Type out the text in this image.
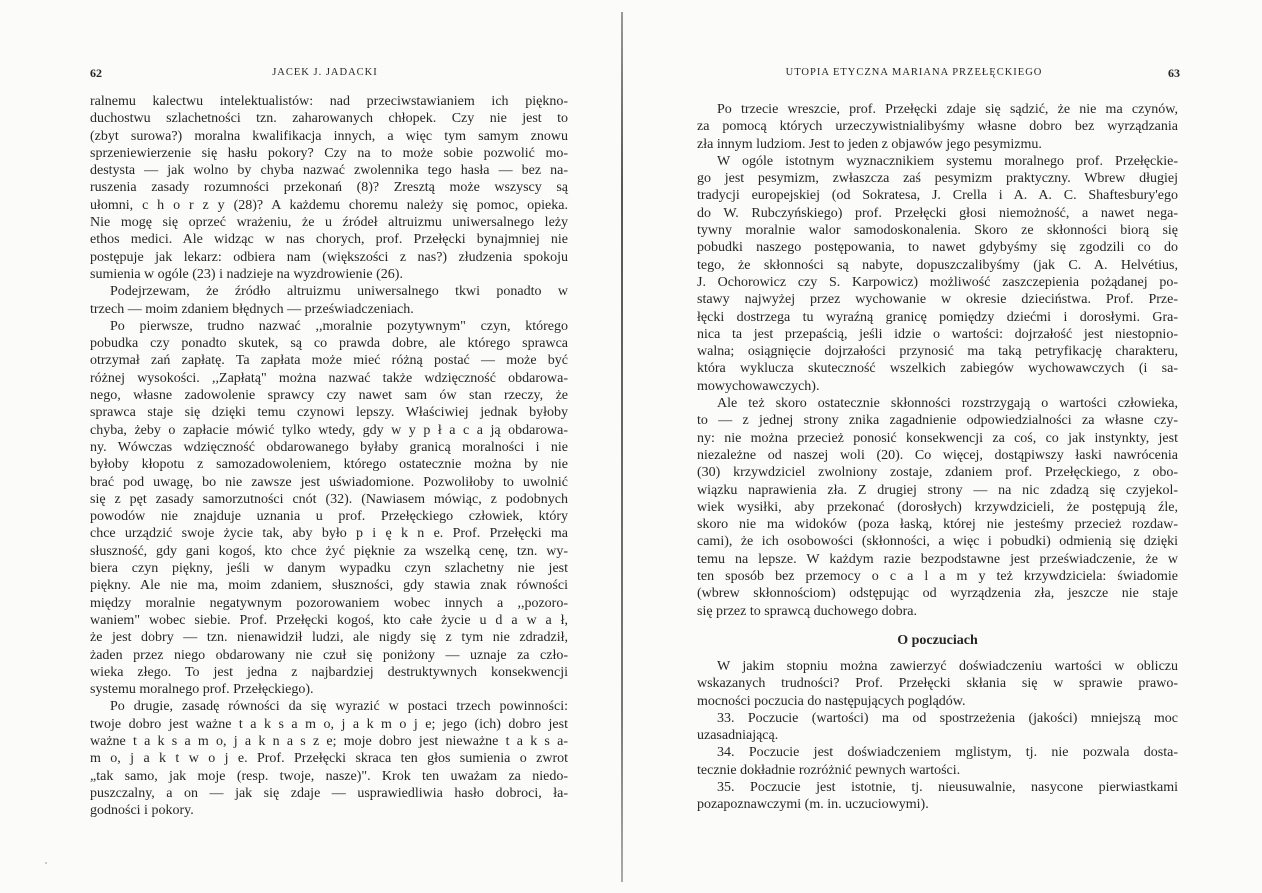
62	JACEK J. JADACKI
ralnemu kalectwu intelektualistów: nad przeciwstawianiem ich piękno-
duchostwu szlachetności tzn. zaharowanych chłopek. Czy nie jest to
(zbyt surowa?) moralna kwalifikacja innych, a więc tym samym znowu
sprzeniewierzenie się hasłu pokory? Czy na to może sobie pozwolić mo-
destysta — jak wolno by chyba nazwać zwolennika tego hasła — bez na-
ruszenia zasady rozumności przekonań (8)? Zresztą może wszyscy są
ułomni, c h o r z y (28)? A każdemu choremu należy się pomoc, opieka.
Nie mogę się oprzeć wrażeniu, że u źródeł altruizmu uniwersalnego leży
ethos medici. Ale widząc w nas chorych, prof. Przełęcki bynajmniej nie
postępuje jak lekarz: odbiera nam (większości z nas?) złudzenia spokoju
sumienia w ogóle (23) i nadzieje na wyzdrowienie (26).
Podejrzewam, że źródło altruizmu uniwersalnego tkwi ponadto w
trzech — moim zdaniem błędnych — przeświadczeniach.
Po pierwsze, trudno nazwać ,,moralnie pozytywnym" czyn, którego
pobudka czy ponadto skutek, są co prawda dobre, ale którego sprawca
otrzymał zań zapłatę. Ta zapłata może mieć różną postać — może być
różnej wysokości. ,,Zapłatą" można nazwać także wdzięczność obdarowa-
nego, własne zadowolenie sprawcy czy nawet sam ów stan rzeczy, że
sprawca staje się dzięki temu czynowi lepszy. Właściwiej jednak byłoby
chyba, żeby o zapłacie mówić tylko wtedy, gdy w y p ł a c a ją obdarowa-
ny. Wówczas wdzięczność obdarowanego byłaby granicą moralności i nie
byłoby kłopotu z samozadowoleniem, którego ostatecznie można by nie
brać pod uwagę, bo nie zawsze jest uświadomione. Pozwoliłoby to uwolnić
się z pęt zasady samorzutności cnót (32). (Nawiasem mówiąc, z podobnych
powodów nie znajduje uznania u prof. Przełęckiego człowiek, który
chce urządzić swoje życie tak, aby było p i ę k n e. Prof. Przełęcki ma
słuszność, gdy gani kogoś, kto chce żyć pięknie za wszelką cenę, tzn. wy-
biera czyn piękny, jeśli w danym wypadku czyn szlachetny nie jest
piękny. Ale nie ma, moim zdaniem, słuszności, gdy stawia znak równości
między moralnie negatywnym pozorowaniem wobec innych a ,,pozoro-
waniem" wobec siebie. Prof. Przełęcki kogoś, kto całe życie u d a w a ł,
że jest dobry — tzn. nienawidził ludzi, ale nigdy się z tym nie zdradził,
żaden przez niego obdarowany nie czuł się poniżony — uznaje za czło-
wieka złego. To jest jedna z najbardziej destruktywnych konsekwencji
systemu moralnego prof. Przełęckiego).
Po drugie, zasadę równości da się wyrazić w postaci trzech powinności:
twoje dobro jest ważne t a k s a m o, j a k m o j e; jego (ich) dobro jest
ważne t a k s a m o, j a k n a s z e; moje dobro jest nieważne t a k s a-
m o, j a k t w o j e. Prof. Przełęcki skraca ten głos sumienia o zwrot
„tak samo, jak moje (resp. twoje, nasze)". Krok ten uważam za niedo-
puszczalny, a on — jak się zdaje — usprawiedliwia hasło dobroci, ła-
godności i pokory.
UTOPIA ETYCZNA MARIANA PRZEŁĘCKIEGO	63
Po trzecie wreszcie, prof. Przełęcki zdaje się sądzić, że nie ma czynów,
za pomocą których urzeczywistnialibyśmy własne dobro bez wyrządzania
zła innym ludziom. Jest to jeden z objawów jego pesymizmu.
W ogóle istotnym wyznacznikiem systemu moralnego prof. Przełęckie-
go jest pesymizm, zwłaszcza zaś pesymizm praktyczny. Wbrew długiej
tradycji europejskiej (od Sokratesa, J. Crella i A. A. C. Shaftesbury'ego
do W. Rubczyńskiego) prof. Przełęcki głosi niemożność, a nawet nega-
tywny moralnie walor samodoskonalenia. Skoro ze skłonności biorą się
pobudki naszego postępowania, to nawet gdybyśmy się zgodzili co do
tego, że skłonności są nabyte, dopuszczalibyśmy (jak C. A. Helvétius,
J. Ochorowicz czy S. Karpowicz) możliwość zaszczepienia pożądanej po-
stawy najwyżej przez wychowanie w okresie dzieciństwa. Prof. Prze-
łęcki dostrzega tu wyraźną granicę pomiędzy dziećmi i dorosłymi. Gra-
nica ta jest przepaścią, jeśli idzie o wartości: dojrzałość jest niestopnio-
walna; osiągnięcie dojrzałości przynosić ma taką petryfikację charakteru,
która wyklucza skuteczność wszelkich zabiegów wychowawczych (i sa-
mowychowawczych).
Ale też skoro ostatecznie skłonności rozstrzygają o wartości człowieka,
to — z jednej strony znika zagadnienie odpowiedzialności za własne czy-
ny: nie można przecież ponosić konsekwencji za coś, co jak instynkty, jest
niezależne od naszej woli (20). Co więcej, dostąpiwszy łaski nawrócenia
(30) krzywdziciel zwolniony zostaje, zdaniem prof. Przełęckiego, z obo-
wiązku naprawienia zła. Z drugiej strony — na nic zdadzą się czyjekol-
wiek wysiłki, aby przekonać (dorosłych) krzywdzicieli, że postępują źle,
skoro nie ma widoków (poza łaską, której nie jesteśmy przecież rozdaw-
cami), że ich osobowości (skłonności, a więc i pobudki) odmienią się dzięki
temu na lepsze. W każdym razie bezpodstawne jest przeświadczenie, że w
ten sposób bez przemocy o c a l a m y też krzywdziciela: świadomie
(wbrew skłonnościom) odstępując od wyrządzenia zła, jeszcze nie staje
się przez to sprawcą duchowego dobra.
O poczuciach
W jakim stopniu można zawierzyć doświadczeniu wartości w obliczu
wskazanych trudności? Prof. Przełęcki skłania się w sprawie prawo-
mocności poczucia do następujących poglądów.
33. Poczucie (wartości) ma od spostrzeżenia (jakości) mniejszą moc
uzasadniającą.
34. Poczucie jest doświadczeniem mglistym, tj. nie pozwala dosta-
tecznie dokładnie rozróżnić pewnych wartości.
35. Poczucie jest istotnie, tj. nieusuwalnie, nasycone pierwiastkami
pozapoznawczymi (m. in. uczuciowymi).
